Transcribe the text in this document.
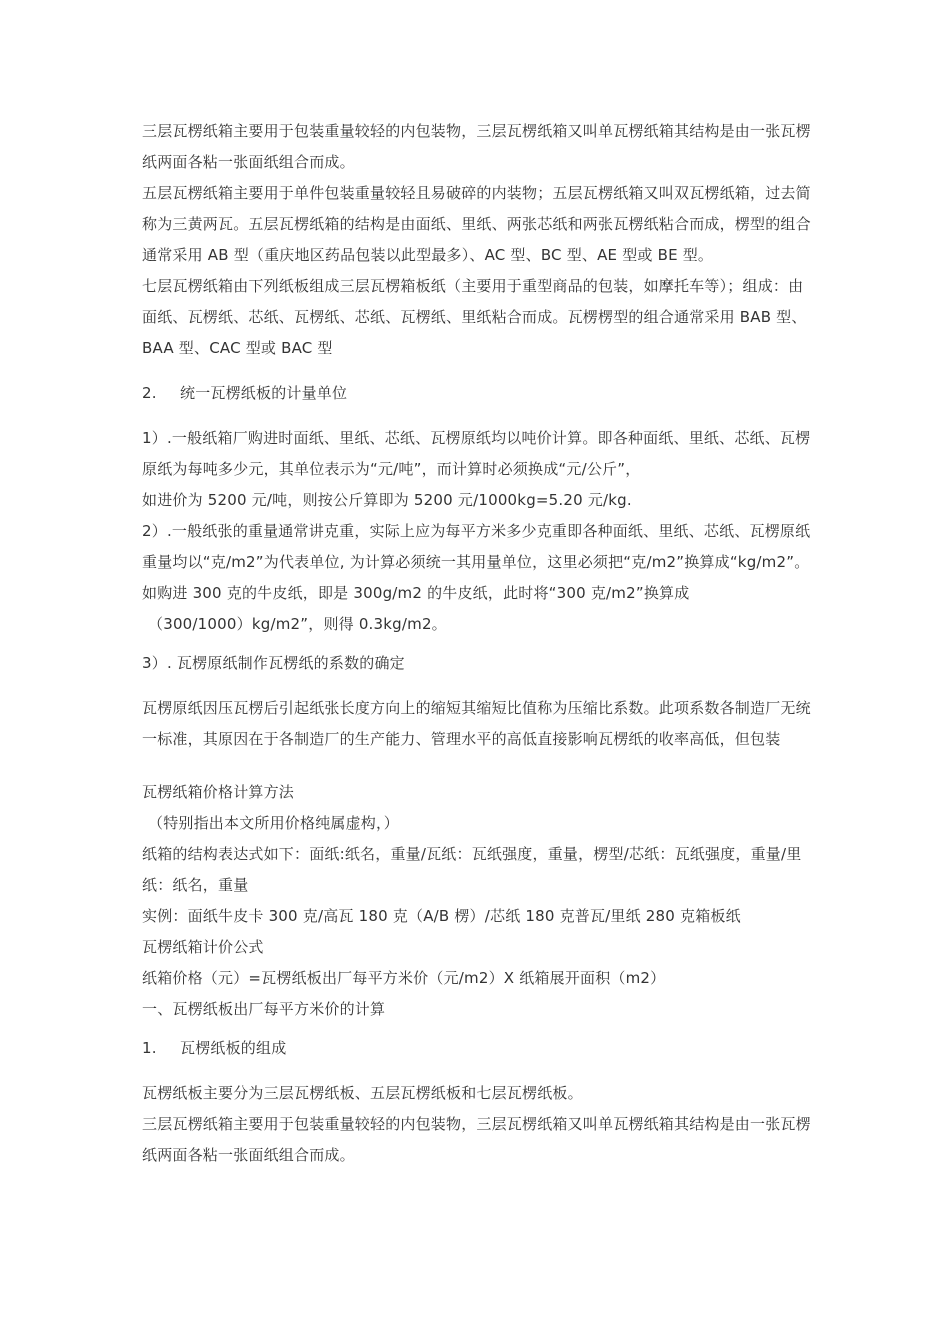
三层瓦楞纸箱主要用于包装重量较轻的内包装物，三层瓦楞纸箱又叫单瓦楞纸箱其结构是由一张瓦楞纸两面各粘一张面纸组合而成。

五层瓦楞纸箱主要用于单件包装重量较轻且易破碎的内装物；五层瓦楞纸箱又叫双瓦楞纸箱，过去简称为三黄两瓦。五层瓦楞纸箱的结构是由面纸、里纸、两张芯纸和两张瓦楞纸粘合而成，楞型的组合通常采用 AB 型（重庆地区药品包装以此型最多）、AC 型、BC 型、AE 型或 BE 型。

七层瓦楞纸箱由下列纸板组成三层瓦楞箱板纸（主要用于重型商品的包装，如摩托车等）；组成：由面纸、瓦楞纸、芯纸、瓦楞纸、芯纸、瓦楞纸、里纸粘合而成。瓦楞楞型的组合通常采用 BAB 型、BAA 型、CAC 型或 BAC 型

2. 统一瓦楞纸板的计量单位

1）.一般纸箱厂购进时面纸、里纸、芯纸、瓦楞原纸均以吨价计算。即各种面纸、里纸、芯纸、瓦楞原纸为每吨多少元，其单位表示为“元/吨”，而计算时必须换成“元/公斤”，

如进价为 5200 元/吨，则按公斤算即为 5200 元/1000kg=5.20 元/kg.

2）.一般纸张的重量通常讲克重，实际上应为每平方米多少克重即各种面纸、里纸、芯纸、瓦楞原纸重量均以“克/m2”为代表单位, 为计算必须统一其用量单位，这里必须把“克/m2”换算成“kg/m2”。

如购进 300 克的牛皮纸，即是 300g/m2 的牛皮纸，此时将“300 克/m2”换算成

（300/1000）kg/m2”，则得 0.3kg/m2。

3）. 瓦楞原纸制作瓦楞纸的系数的确定

瓦楞原纸因压瓦楞后引起纸张长度方向上的缩短其缩短比值称为压缩比系数。此项系数各制造厂无统一标准，其原因在于各制造厂的生产能力、管理水平的高低直接影响瓦楞纸的收率高低，但包装

瓦楞纸箱价格计算方法

（特别指出本文所用价格纯属虚构，）

纸箱的结构表达式如下：面纸:纸名，重量/瓦纸：瓦纸强度，重量，楞型/芯纸：瓦纸强度，重量/里纸：纸名，重量

实例：面纸牛皮卡 300 克/高瓦 180 克（A/B 楞）/芯纸 180 克普瓦/里纸 280 克箱板纸

瓦楞纸箱计价公式

纸箱价格（元）=瓦楞纸板出厂每平方米价（元/m2）X 纸箱展开面积（m2）

一、瓦楞纸板出厂每平方米价的计算

1. 瓦楞纸板的组成

瓦楞纸板主要分为三层瓦楞纸板、五层瓦楞纸板和七层瓦楞纸板。

三层瓦楞纸箱主要用于包装重量较轻的内包装物，三层瓦楞纸箱又叫单瓦楞纸箱其结构是由一张瓦楞纸两面各粘一张面纸组合而成。
